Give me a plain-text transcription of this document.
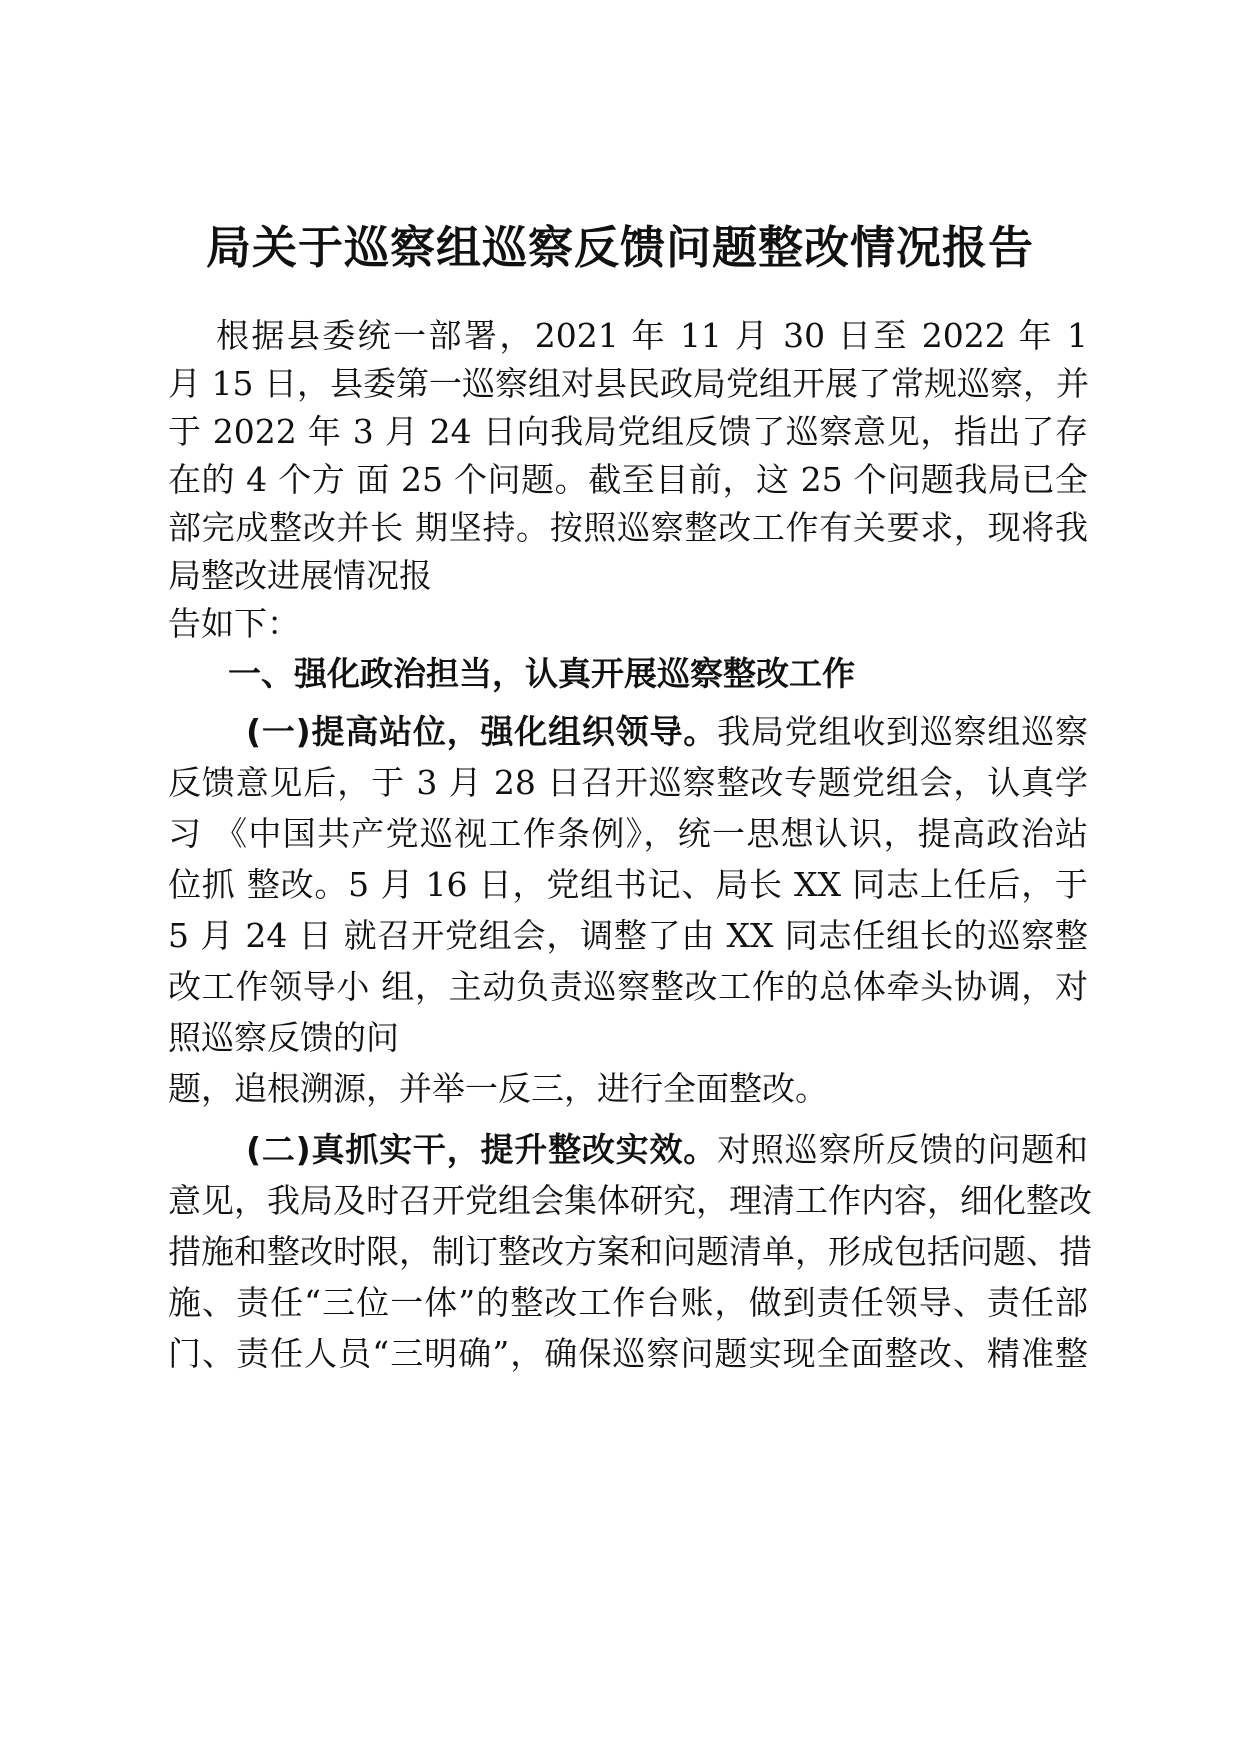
局关于巡察组巡察反馈问题整改情况报告

根据县委统一部署，2021 年 11 月 30 日至 2022 年 1

月 15 日，县委第一巡察组对县民政局党组开展了常规巡察，并

于 2022 年 3 月 24 日向我局党组反馈了巡察意见，指出了存

在的 4 个方 面 25 个问题。截至目前，这 25 个问题我局已全

部完成整改并长 期坚持。按照巡察整改工作有关要求，现将我

局整改进展情况报

告如下：

一、强化政治担当，认真开展巡察整改工作

(一)提高站位，强化组织领导。我局党组收到巡察组巡察

反馈意见后，于 3 月 28 日召开巡察整改专题党组会，认真学

习 《中国共产党巡视工作条例》，统一思想认识，提高政治站

位抓 整改。5 月 16 日，党组书记、局长 XX 同志上任后，于

5 月 24 日 就召开党组会，调整了由 XX 同志任组长的巡察整

改工作领导小 组，主动负责巡察整改工作的总体牵头协调，对

照巡察反馈的问

题，追根溯源，并举一反三，进行全面整改。

(二)真抓实干，提升整改实效。对照巡察所反馈的问题和

意见，我局及时召开党组会集体研究，理清工作内容，细化整改

措施和整改时限，制订整改方案和问题清单，形成包括问题、措

施、责任“三位一体”的整改工作台账，做到责任领导、责任部

门、责任人员“三明确”，确保巡察问题实现全面整改、精准整
